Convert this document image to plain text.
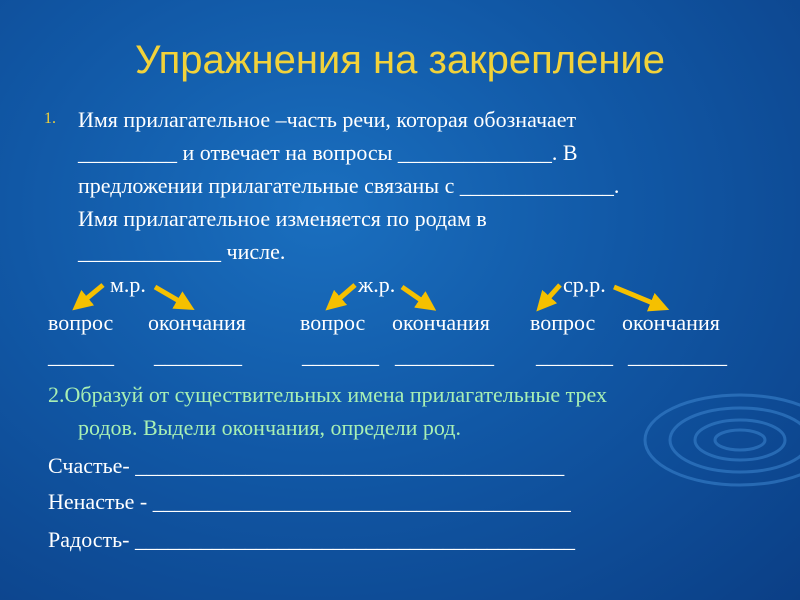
Упражнения на закрепление
1. Имя прилагательное –часть речи, которая обозначает
_________ и отвечает на вопросы ______________. В
предложении прилагательные связаны с ______________.
Имя прилагательное изменяется по родам в
_____________ числе.
м.р.	ж.р.	ср.р.
вопрос окончания вопрос окончания вопрос окончания
______ ________	_______ _________ _______ _________
2.Образуй от существительных имена прилагательные трех
родов. Выдели окончания, определи род.
Счастье- _______________________________________
Ненастье - ______________________________________
Радость- ________________________________________
